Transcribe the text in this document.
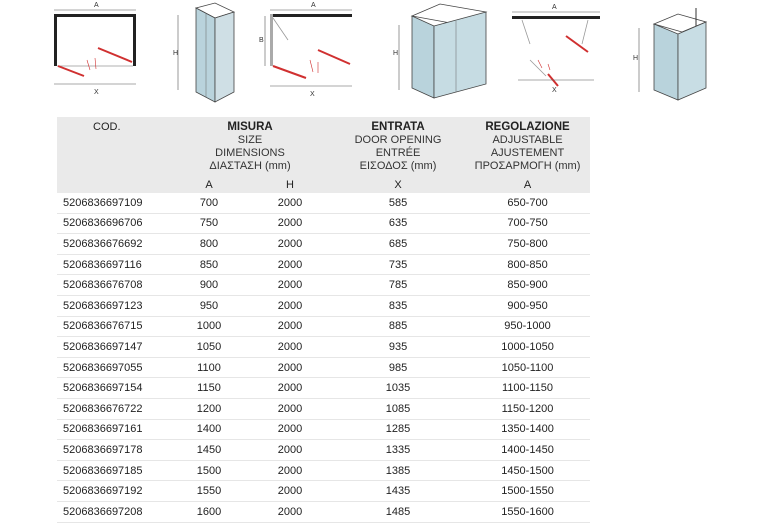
A
X
H
A
B
X
H
A
X
H
COD.	MISURA
SIZE
DIMENSIONS
ΔΙΑΣΤΑΣΗ (mm)		ENTRATA
DOOR OPENING
ENTRÉE
ΕΙΣΟΔΟΣ (mm)	REGOLAZIONE
ADJUSTABLE
AJUSTEMENT
ΠΡΟΣΑΡΜΟΓΗ (mm)

	A	H	X	A
5206836697109	700	2000	585	650-700
5206836696706	750	2000	635	700-750
5206836676692	800	2000	685	750-800
5206836697116	850	2000	735	800-850
5206836676708	900	2000	785	850-900
5206836697123	950	2000	835	900-950
5206836676715	1000	2000	885	950-1000
5206836697147	1050	2000	935	1000-1050
5206836697055	1100	2000	985	1050-1100
5206836697154	1150	2000	1035	1100-1150
5206836676722	1200	2000	1085	1150-1200
5206836697161	1400	2000	1285	1350-1400
5206836697178	1450	2000	1335	1400-1450
5206836697185	1500	2000	1385	1450-1500
5206836697192	1550	2000	1435	1500-1550
5206836697208	1600	2000	1485	1550-1600
